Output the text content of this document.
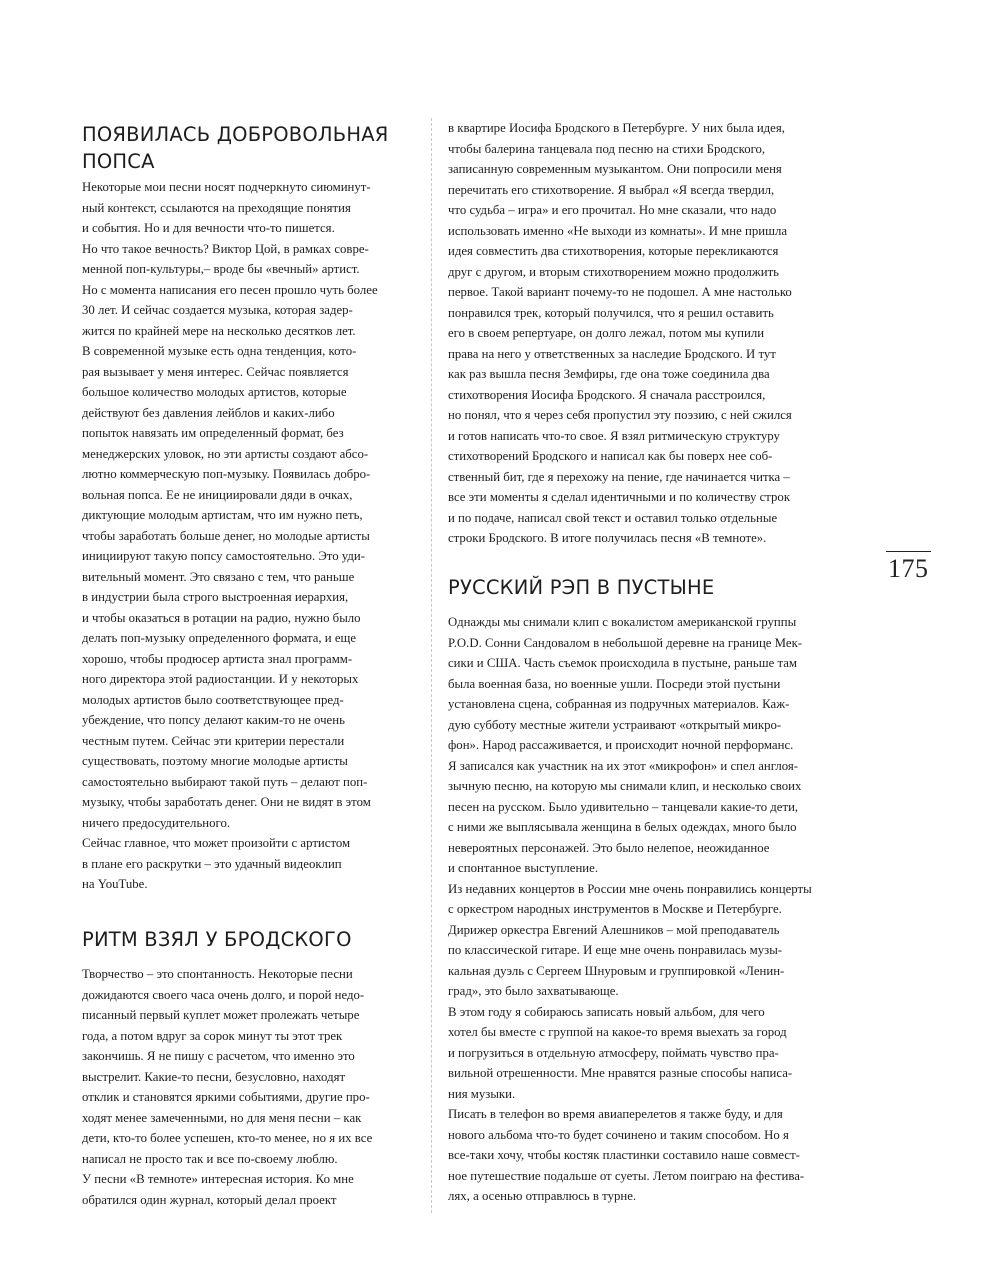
ПОЯВИЛАСЬ ДОБРОВОЛЬНАЯ
ПОПСА

Некоторые мои песни носят подчеркнуто сиюминут-

ный контекст, ссылаются на преходящие понятия

и события. Но и для вечности что-то пишется.

Но что такое вечность? Виктор Цой, в рамках совре-

менной поп-культуры,– вроде бы «вечный» артист.

Но с момента написания его песен прошло чуть более

30 лет. И сейчас создается музыка, которая задер-

жится по крайней мере на несколько десятков лет.

В современной музыке есть одна тенденция, кото-

рая вызывает у меня интерес. Сейчас появляется

большое количество молодых артистов, которые

действуют без давления лейблов и каких-либо

попыток навязать им определенный формат, без

менеджерских уловок, но эти артисты создают абсо-

лютно коммерческую поп-музыку. Появилась добро-

вольная попса. Ее не инициировали дяди в очках,

диктующие молодым артистам, что им нужно петь,

чтобы заработать больше денег, но молодые артисты

инициируют такую попсу самостоятельно. Это уди-

вительный момент. Это связано с тем, что раньше

в индустрии была строго выстроенная иерархия,

и чтобы оказаться в ротации на радио, нужно было

делать поп-музыку определенного формата, и еще

хорошо, чтобы продюсер артиста знал программ-

ного директора этой радиостанции. И у некоторых

молодых артистов было соответствующее пред-

убеждение, что попсу делают каким-то не очень

честным путем. Сейчас эти критерии перестали

существовать, поэтому многие молодые артисты

самостоятельно выбирают такой путь – делают поп-

музыку, чтобы заработать денег. Они не видят в этом

ничего предосудительного.

Сейчас главное, что может произойти с артистом

в плане его раскрутки – это удачный видеоклип

на YouTube.

РИТМ ВЗЯЛ У БРОДСКОГО

Творчество – это спонтанность. Некоторые песни

дожидаются своего часа очень долго, и порой недо-

писанный первый куплет может пролежать четыре

года, а потом вдруг за сорок минут ты этот трек

закончишь. Я не пишу с расчетом, что именно это

выстрелит. Какие-то песни, безусловно, находят

отклик и становятся яркими событиями, другие про-

ходят менее замеченными, но для меня песни – как

дети, кто-то более успешен, кто-то менее, но я их все

написал не просто так и все по-своему люблю.

У песни «В темноте» интересная история. Ко мне

обратился один журнал, который делал проект

в квартире Иосифа Бродского в Петербурге. У них была идея,

чтобы балерина танцевала под песню на стихи Бродского,

записанную современным музыкантом. Они попросили меня

перечитать его стихотворение. Я выбрал «Я всегда твердил,

что судьба – игра» и его прочитал. Но мне сказали, что надо

использовать именно «Не выходи из комнаты». И мне пришла

идея совместить два стихотворения, которые перекликаются

друг с другом, и вторым стихотворением можно продолжить

первое. Такой вариант почему-то не подошел. А мне настолько

понравился трек, который получился, что я решил оставить

его в своем репертуаре, он долго лежал, потом мы купили

права на него у ответственных за наследие Бродского. И тут

как раз вышла песня Земфиры, где она тоже соединила два

стихотворения Иосифа Бродского. Я сначала расстроился,

но понял, что я через себя пропустил эту поэзию, с ней сжился

и готов написать что-то свое. Я взял ритмическую структуру

стихотворений Бродского и написал как бы поверх нее соб-

ственный бит, где я перехожу на пение, где начинается читка –

все эти моменты я сделал идентичными и по количеству строк

и по подаче, написал свой текст и оставил только отдельные

строки Бродского. В итоге получилась песня «В темноте».

РУССКИЙ РЭП В ПУСТЫНЕ

Однажды мы снимали клип с вокалистом американской группы

P.O.D. Сонни Сандовалом в небольшой деревне на границе Мек-

сики и США. Часть съемок происходила в пустыне, раньше там

была военная база, но военные ушли. Посреди этой пустыни

установлена сцена, собранная из подручных материалов. Каж-

дую субботу местные жители устраивают «открытый микро-

фон». Народ рассаживается, и происходит ночной перформанс.

Я записался как участник на их этот «микрофон» и спел англоя-

зычную песню, на которую мы снимали клип, и несколько своих

песен на русском. Было удивительно – танцевали какие-то дети,

с ними же выплясывала женщина в белых одеждах, много было

невероятных персонажей. Это было нелепое, неожиданное

и спонтанное выступление.

Из недавних концертов в России мне очень понравились концерты

с оркестром народных инструментов в Москве и Петербурге.

Дирижер оркестра Евгений Алешников – мой преподаватель

по классической гитаре. И еще мне очень понравилась музы-

кальная дуэль с Сергеем Шнуровым и группировкой «Ленин-

град», это было захватывающе.

В этом году я собираюсь записать новый альбом, для чего

хотел бы вместе с группой на какое-то время выехать за город

и погрузиться в отдельную атмосферу, поймать чувство пра-

вильной отрешенности. Мне нравятся разные способы написа-

ния музыки.

Писать в телефон во время авиаперелетов я также буду, и для

нового альбома что-то будет сочинено и таким способом. Но я

все-таки хочу, чтобы костяк пластинки составило наше совмест-

ное путешествие подальше от суеты. Летом поиграю на фестива-

лях, а осенью отправлюсь в турне.

175
